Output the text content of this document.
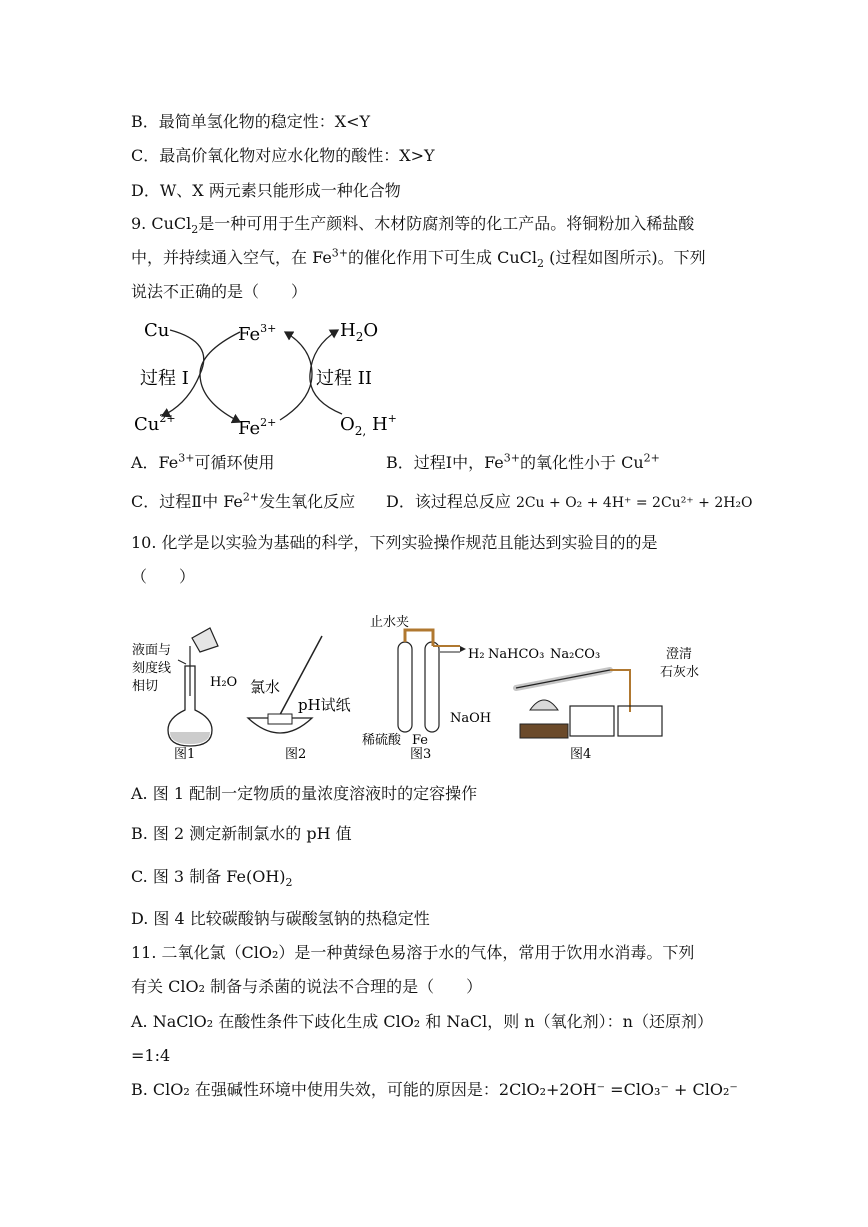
B．最简单氢化物的稳定性：X<Y
C．最高价氧化物对应水化物的酸性：X>Y
D．W、X 两元素只能形成一种化合物
9. CuCl$_2$是一种可用于生产颜料、木材防腐剂等的化工产品。将铜粉加入稀盐酸
中，并持续通入空气，在 $Fe^{3+}$的催化作用下可生成 CuCl$_2$ (过程如图所示)。下列
说法不正确的是（　　）
Cu	$Fe^{3+}$	$H_2O$
过程 I	过程 II
$Cu^{2+}$	$Fe^{2+}$	$O_{2,}$ H+
A．$Fe^{3+}$可循环使用	B．过程Ⅰ中，$Fe^{3+}$的氧化性小于 $Cu^{2+}$
C．过程Ⅱ中 $Fe^{2+}$发生氧化反应 D．该过程总反应 2Cu + O₂ + 4H⁺ = 2Cu²⁺ + 2H₂O
10. 化学是以实验为基础的科学，下列实验操作规范且能达到实验目的的是
（　　）
液面与
刻度线
相切	H₂O
图1
氯水
pH试纸
图2
止水夹
H₂
NaOH
稀硫酸 Fe
图3
NaHCO₃ Na₂CO₃	澄清
石灰水
图4
A. 图 1 配制一定物质的量浓度溶液时的定容操作
B. 图 2 测定新制氯水的 pH 值
C. 图 3 制备 $Fe(OH)_2$
D. 图 4 比较碳酸钠与碳酸氢钠的热稳定性
11. 二氧化氯（ClO₂）是一种黄绿色易溶于水的气体，常用于饮用水消毒。下列
有关 ClO₂ 制备与杀菌的说法不合理的是（　　）
A. NaClO₂ 在酸性条件下歧化生成 ClO₂ 和 NaCl，则 n（氧化剂）：n（还原剂）
=1:4
B. ClO₂ 在强碱性环境中使用失效，可能的原因是：2ClO₂+2OH⁻ =ClO₃⁻ + ClO₂⁻
